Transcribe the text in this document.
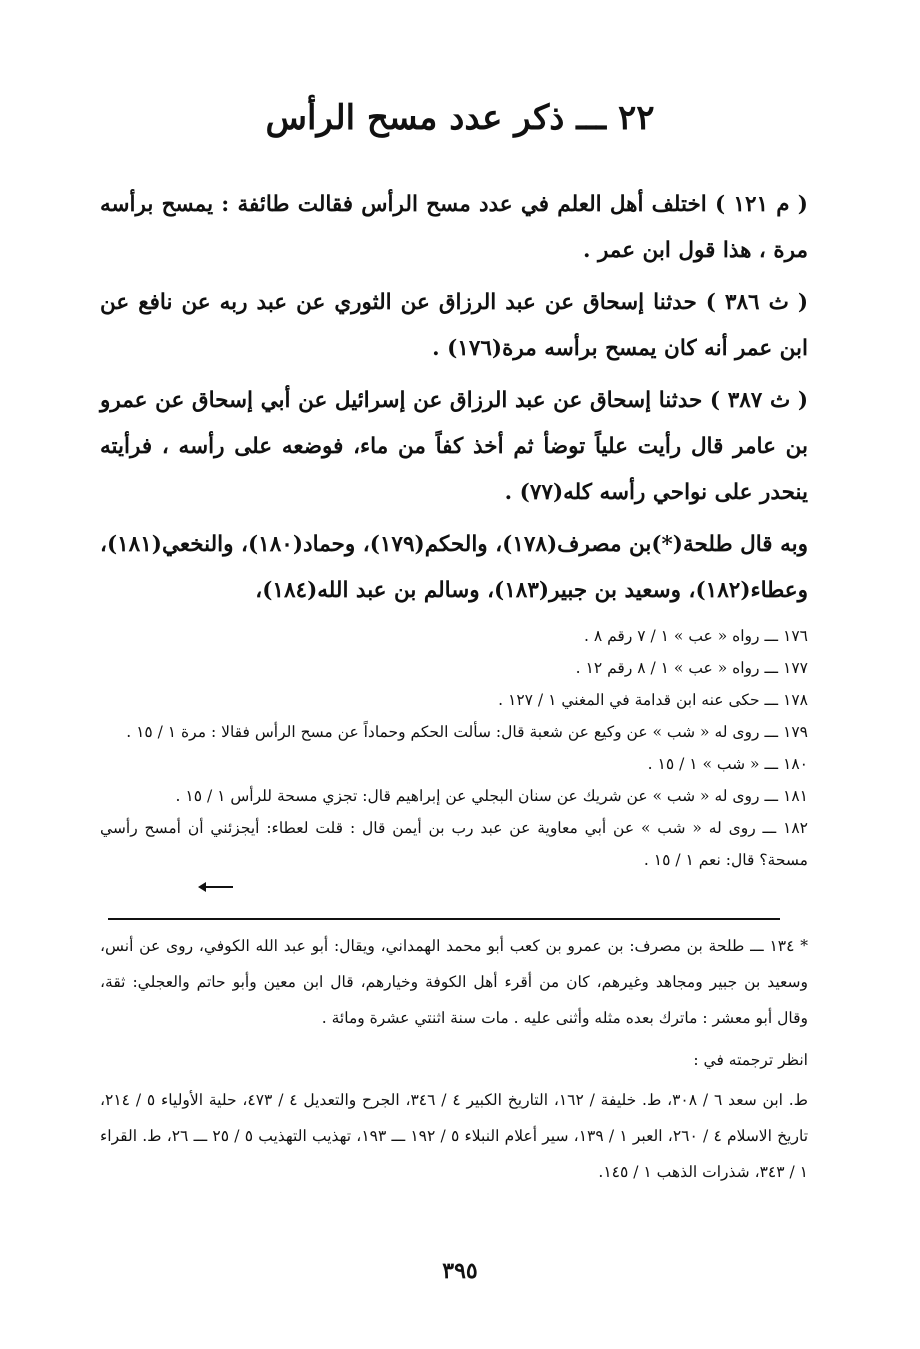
٢٢ ـــ ذكر عدد مسح الرأس

( م ١٢١ ) اختلف أهل العلم في عدد مسح الرأس فقالت طائفة : يمسح برأسه مرة ، هذا قول ابن عمر .

( ث ٣٨٦ ) حدثنا إسحاق عن عبد الرزاق عن الثوري عن عبد ربه عن نافع عن ابن عمر أنه كان يمسح برأسه مرة(١٧٦) .

( ث ٣٨٧ ) حدثنا إسحاق عن عبد الرزاق عن إسرائيل عن أبي إسحاق عن عمرو بن عامر قال رأيت علياً توضأ ثم أخذ كفاً من ماء، فوضعه على رأسه ، فرأيته ينحدر على نواحي رأسه كله(٧٧) .

وبه قال طلحة(*)بن مصرف(١٧٨)، والحكم(١٧٩)، وحماد(١٨٠)، والنخعي(١٨١)، وعطاء(١٨٢)، وسعيد بن جبير(١٨٣)، وسالم بن عبد الله(١٨٤)،

١٧٦ ـــ رواه « عب » ١ / ٧ رقم ٨ .

١٧٧ ـــ رواه « عب » ١ / ٨ رقم ١٢ .

١٧٨ ـــ حكى عنه ابن قدامة في المغني ١ / ١٢٧ .

١٧٩ ـــ روى له « شب » عن وكيع عن شعبة قال: سألت الحكم وحماداً عن مسح الرأس فقالا : مرة ١ / ١٥ .

١٨٠ ـــ « شب » ١ / ١٥ .

١٨١ ـــ روى له « شب » عن شريك عن سنان البجلي عن إبراهيم قال: تجزي مسحة للرأس ١ / ١٥ .

١٨٢ ـــ روى له « شب » عن أبي معاوية عن عبد رب بن أيمن قال : قلت لعطاء: أيجزئني أن أمسح رأسي مسحة؟ قال: نعم ١ / ١٥ .

* ١٣٤ ـــ طلحة بن مصرف: بن عمرو بن كعب أبو محمد الهمداني، ويقال: أبو عبد الله الكوفي، روى عن أنس، وسعيد بن جبير ومجاهد وغيرهم، كان من أقرء أهل الكوفة وخيارهم، قال ابن معين وأبو حاتم والعجلي: ثقة، وقال أبو معشر : ماترك بعده مثله وأثنى عليه . مات سنة اثنتي عشرة ومائة .

انظر ترجمته في :

ط. ابن سعد ٦ / ٣٠٨، ط. خليفة / ١٦٢، التاريخ الكبير ٤ / ٣٤٦، الجرح والتعديل ٤ / ٤٧٣، حلية الأولياء ٥ / ٢١٤، تاريخ الاسلام ٤ / ٢٦٠، العبر ١ / ١٣٩، سير أعلام النبلاء ٥ / ١٩٢ ـــ ١٩٣، تهذيب التهذيب ٥ / ٢٥ ـــ ٢٦، ط. القراء ١ / ٣٤٣، شذرات الذهب ١ / ١٤٥.
٣٩٥
